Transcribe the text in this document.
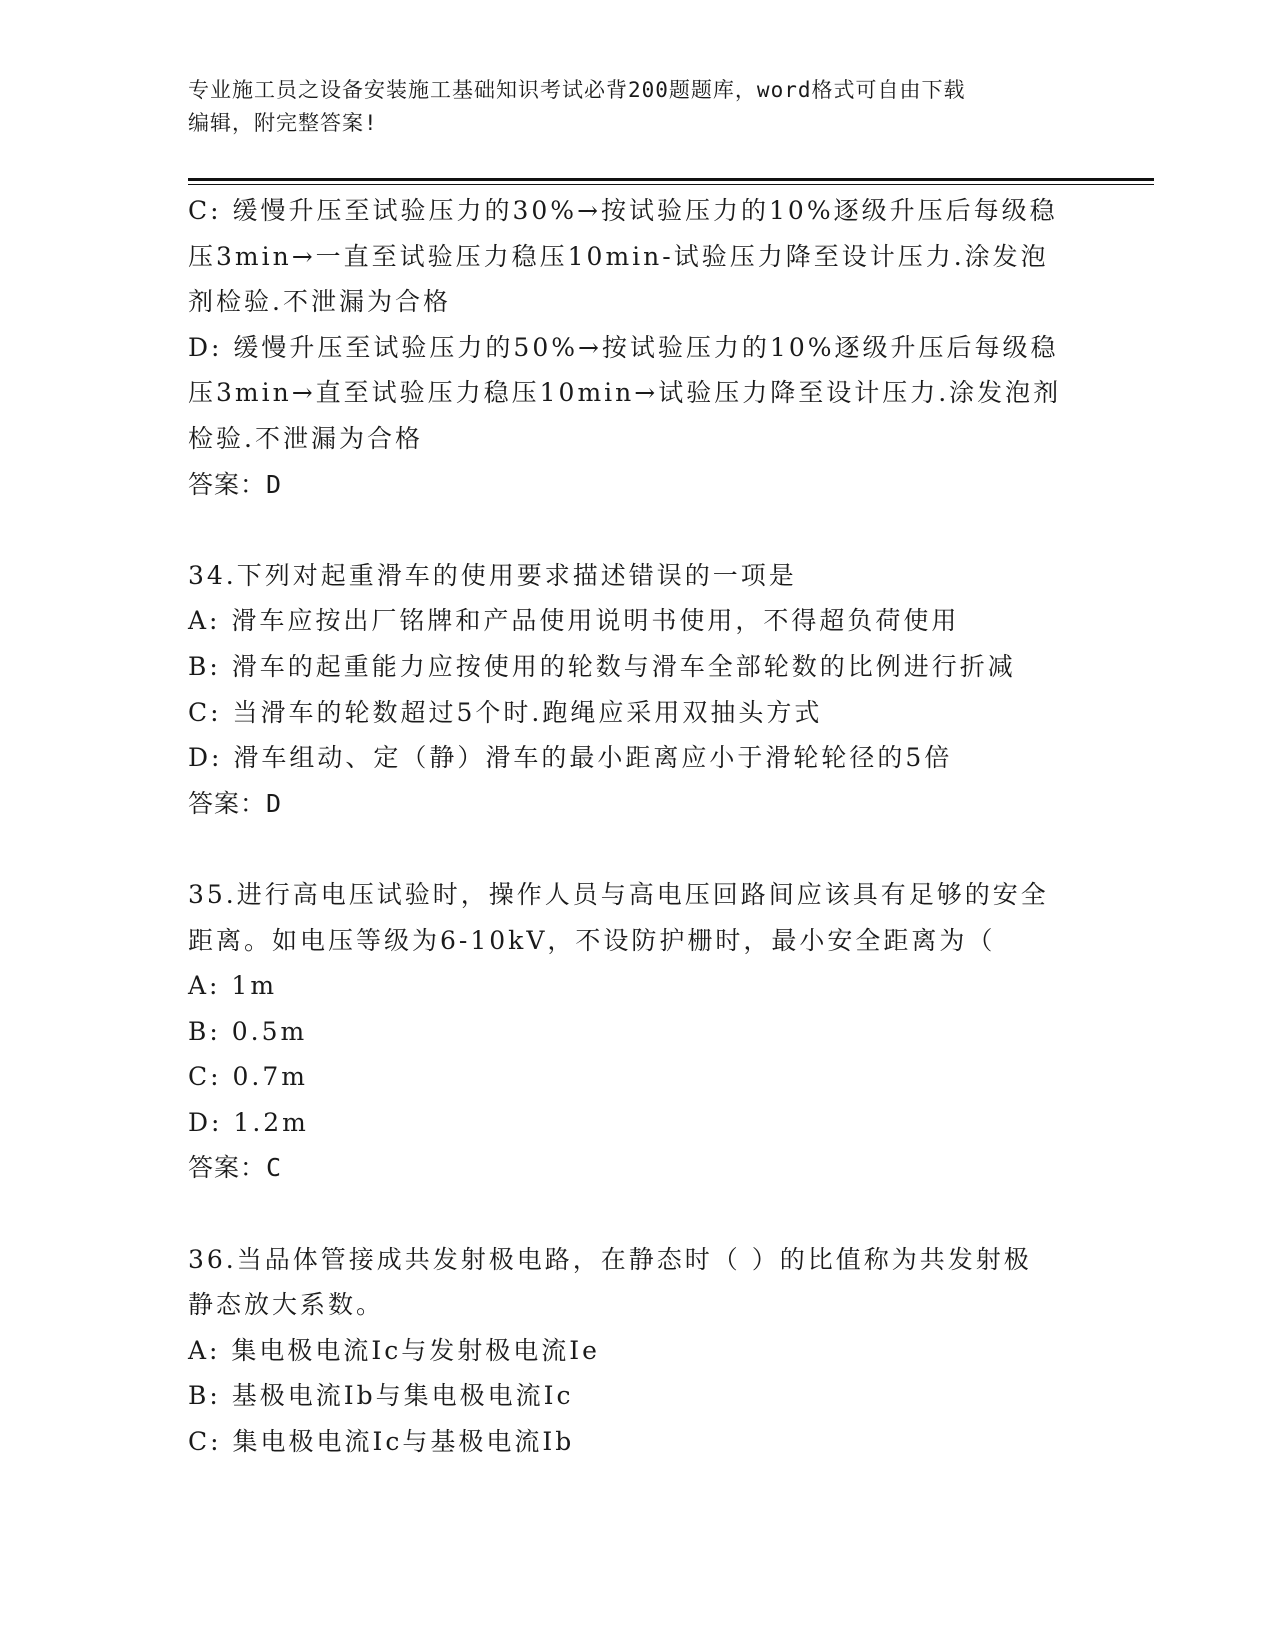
专业施工员之设备安装施工基础知识考试必背200题题库，word格式可自由下载
编辑，附完整答案!
C: 缓慢升压至试验压力的30%→按试验压力的10%逐级升压后每级稳
压3min→一直至试验压力稳压10min-试验压力降至设计压力.涂发泡
剂检验.不泄漏为合格
D: 缓慢升压至试验压力的50%→按试验压力的10%逐级升压后每级稳
压3min→直至试验压力稳压10min→试验压力降至设计压力.涂发泡剂
检验.不泄漏为合格
答案：D
34.下列对起重滑车的使用要求描述错误的一项是
A: 滑车应按出厂铭牌和产品使用说明书使用，不得超负荷使用
B: 滑车的起重能力应按使用的轮数与滑车全部轮数的比例进行折减
C: 当滑车的轮数超过5个时.跑绳应采用双抽头方式
D: 滑车组动、定（静）滑车的最小距离应小于滑轮轮径的5倍
答案：D
35.进行高电压试验时，操作人员与高电压回路间应该具有足够的安全
距离。如电压等级为6-10kV，不设防护栅时，最小安全距离为（
A: 1m
B: 0.5m
C: 0.7m
D: 1.2m
答案：C
36.当品体管接成共发射极电路，在静态时（ ）的比值称为共发射极
静态放大系数。
A: 集电极电流Ic与发射极电流Ie
B: 基极电流Ib与集电极电流Ic
C: 集电极电流Ic与基极电流Ib
